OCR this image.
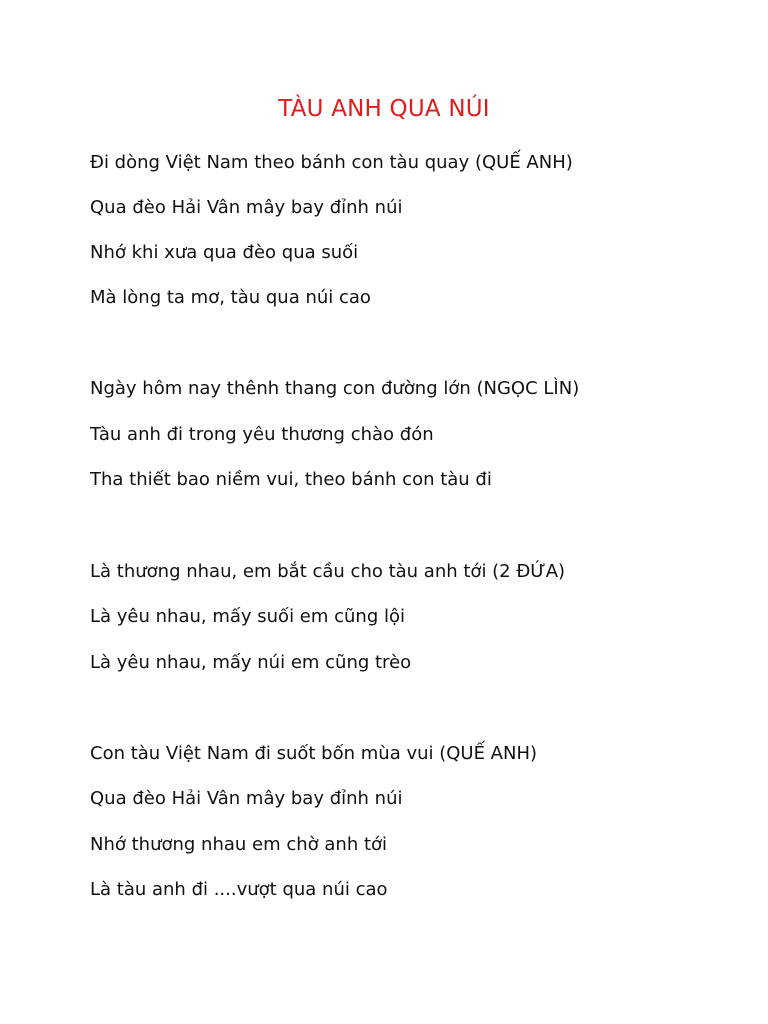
TÀU ANH QUA NÚI
Đi dòng Việt Nam theo bánh con tàu quay (QUẾ ANH)
Qua đèo Hải Vân mây bay đỉnh núi
Nhớ khi xưa qua đèo qua suối
Mà lòng ta mơ, tàu qua núi cao
Ngày hôm nay thênh thang con đường lớn (NGỌC LÌN)
Tàu anh đi trong yêu thương chào đón
Tha thiết bao niềm vui, theo bánh con tàu đi
Là thương nhau, em bắt cầu cho tàu anh tới (2 ĐỨA)
Là yêu nhau, mấy suối em cũng lội
Là yêu nhau, mấy núi em cũng trèo
Con tàu Việt Nam đi suốt bốn mùa vui (QUẾ ANH)
Qua đèo Hải Vân mây bay đỉnh núi
Nhớ thương nhau em chờ anh tới
Là tàu anh đi ....vượt qua núi cao
